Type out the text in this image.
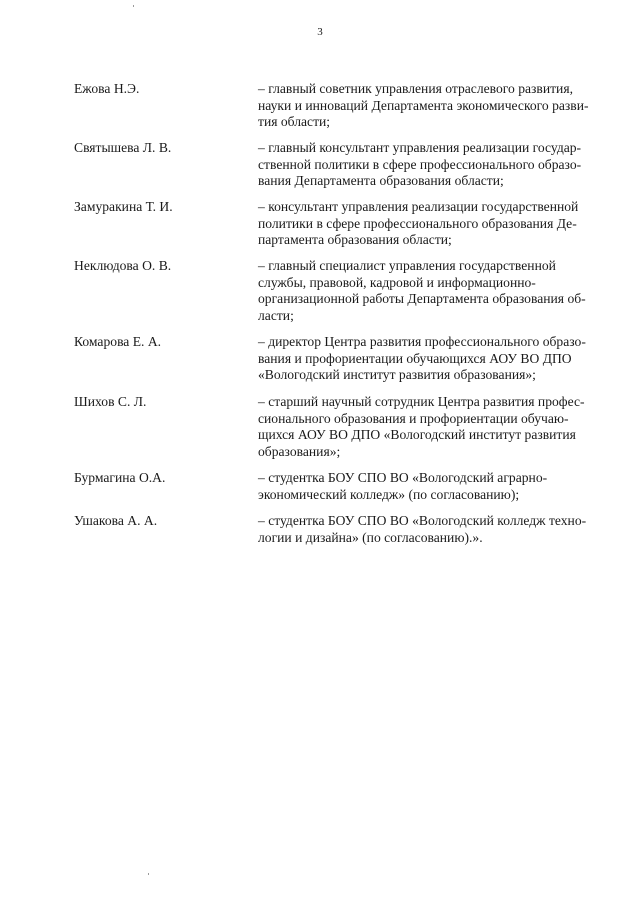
3
Ежова Н.Э.	– главный советник управления отраслевого развития,
науки и инноваций Департамента экономического разви-
тия области;
Святышева Л. В.	– главный консультант управления реализации государ-
ственной политики в сфере профессионального образо-
вания Департамента образования области;
Замуракина Т. И.	– консультант управления реализации государственной
политики в сфере профессионального образования Де-
партамента образования области;
Неклюдова О. В.	– главный специалист управления государственной
службы, правовой, кадровой и информационно-
организационной работы Департамента образования об-
ласти;
Комарова Е. А.	– директор Центра развития профессионального образо-
вания и профориентации обучающихся АОУ ВО ДПО
«Вологодский институт развития образования»;
Шихов С. Л.	– старший научный сотрудник Центра развития профес-
сионального образования и профориентации обучаю-
щихся АОУ ВО ДПО «Вологодский институт развития
образования»;
Бурмагина О.А.	– студентка БОУ СПО ВО «Вологодский аграрно-
экономический колледж» (по согласованию);
Ушакова А. А.	– студентка БОУ СПО ВО «Вологодский колледж техно-
логии и дизайна» (по согласованию).».
